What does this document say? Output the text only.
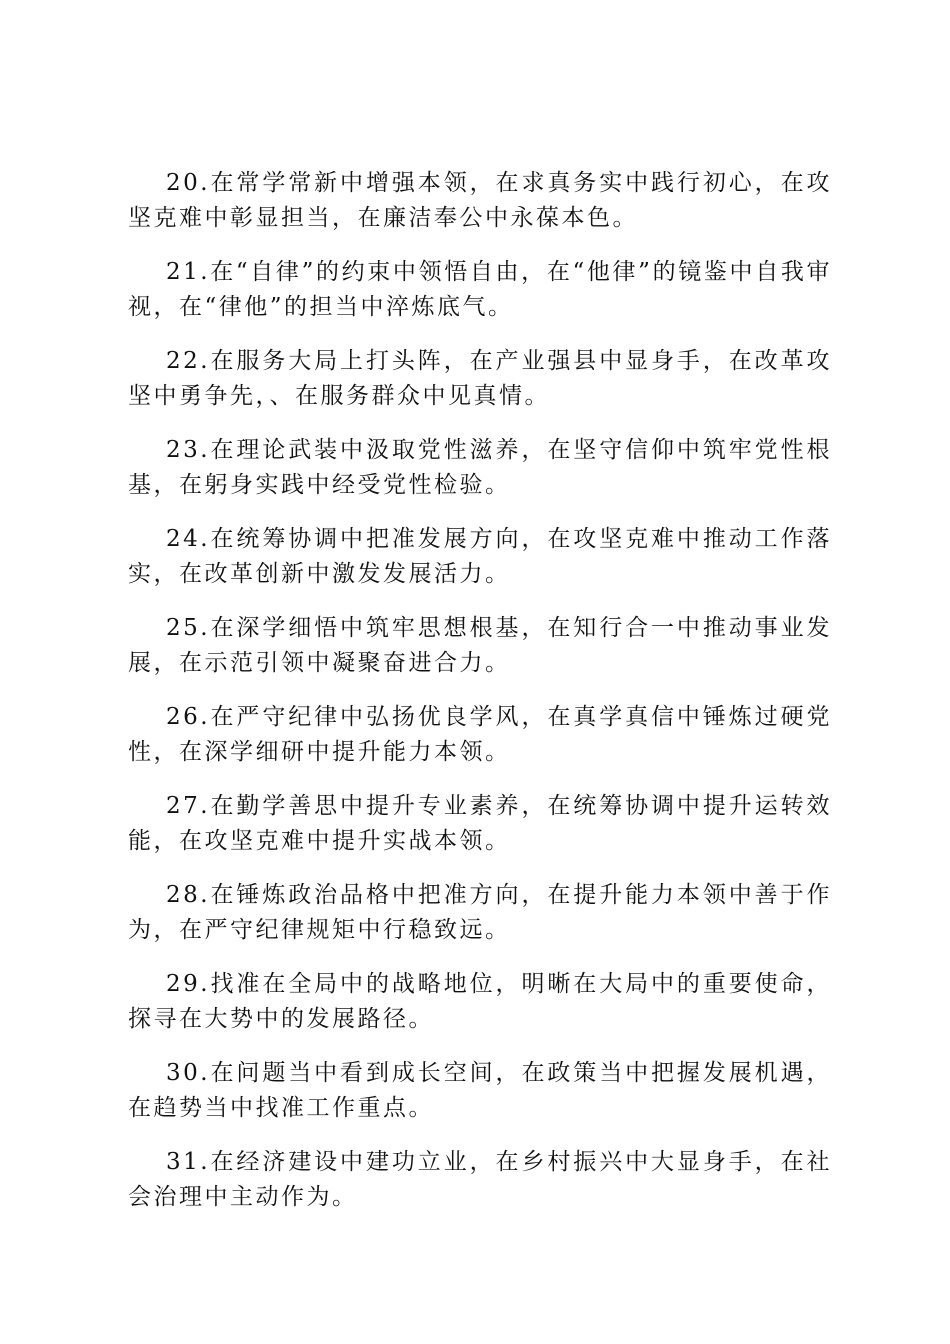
20.在常学常新中增强本领，在求真务实中践行初心，在攻坚克难中彰显担当，在廉洁奉公中永葆本色。

21.在“自律”的约束中领悟自由，在“他律”的镜鉴中自我审视，在“律他”的担当中淬炼底气。

22.在服务大局上打头阵，在产业强县中显身手，在改革攻坚中勇争先，、在服务群众中见真情。

23.在理论武装中汲取党性滋养，在坚守信仰中筑牢党性根基，在躬身实践中经受党性检验。

24.在统筹协调中把准发展方向，在攻坚克难中推动工作落实，在改革创新中激发发展活力。

25.在深学细悟中筑牢思想根基，在知行合一中推动事业发展，在示范引领中凝聚奋进合力。

26.在严守纪律中弘扬优良学风，在真学真信中锤炼过硬党性，在深学细研中提升能力本领。

27.在勤学善思中提升专业素养，在统筹协调中提升运转效能，在攻坚克难中提升实战本领。

28.在锤炼政治品格中把准方向，在提升能力本领中善于作为，在严守纪律规矩中行稳致远。

29.找准在全局中的战略地位，明晰在大局中的重要使命，探寻在大势中的发展路径。

30.在问题当中看到成长空间，在政策当中把握发展机遇，在趋势当中找准工作重点。

31.在经济建设中建功立业，在乡村振兴中大显身手，在社会治理中主动作为。
